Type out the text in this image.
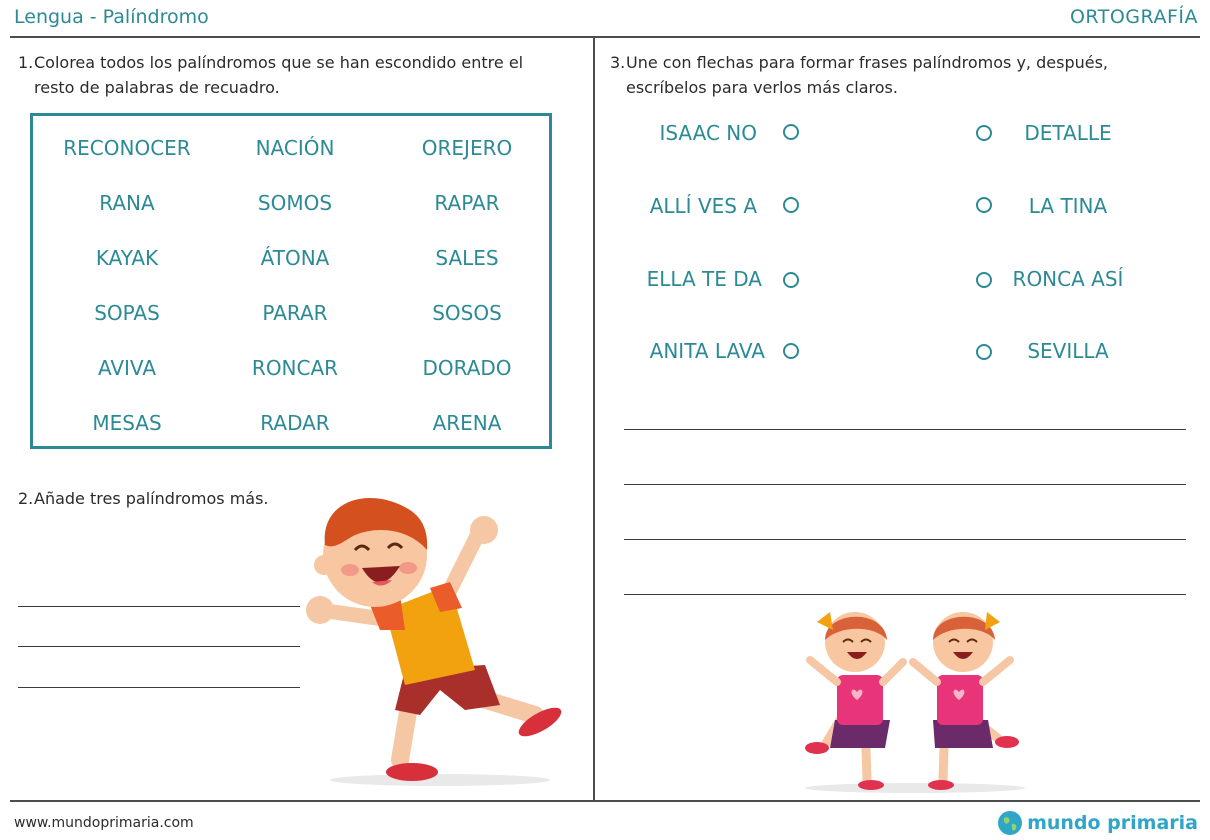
Lengua - Palíndromo	ORTOGRAFÍA
1.Colorea todos los palíndromos que se han escondido entre el
resto de palabras de recuadro.
RECONOCER	NACIÓN	OREJERO
RANA	SOMOS	RAPAR
KAYAK	ÁTONA	SALES
SOPAS	PARAR	SOSOS
AVIVA	RONCAR	DORADO
MESAS	RADAR	ARENA
2.Añade tres palíndromos más.
3.Une con flechas para formar frases palíndromos y, después,
escríbelos para verlos más claros.
ISAAC NO
ALLÍ VES A
ELLA TE DA
ANITA LAVA
DETALLE
LA TINA
RONCA ASÍ
SEVILLA
www.mundoprimaria.com	mundo primaria
